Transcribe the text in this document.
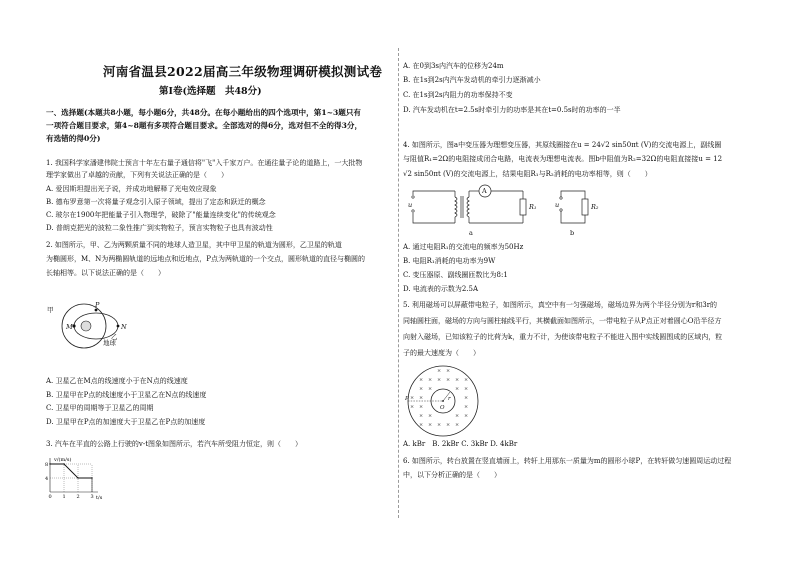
河南省温县2022届高三年级物理调研模拟测试卷
第Ⅰ卷(选择题　共48分)
一、选择题(本题共8小题，每小题6分，共48分。在每小题给出的四个选项中，第1~3题只有
一项符合题目要求，第4~8题有多项符合题目要求。全部选对的得6分，选对但不全的得3分，
有选错的得0分)
1. 我国科学家潘建伟院士预言十年左右量子通信将"飞"入千家万户。在通往量子论的道路上，一大批物
理学家做出了卓越的贡献，下列有关说法正确的是（　　）
A. 爱因斯坦提出光子说，并成功地解释了光电效应现象
B. 德布罗意第一次将量子观念引入原子领域，提出了定态和跃迁的概念
C. 玻尔在1900年把能量子引入物理学，破除了"能量连续变化"的传统观念
D. 普朗克把光的波粒二象性推广到实物粒子，预言实物粒子也具有波动性
2. 如图所示，甲、乙为两颗质量不同的地球人造卫星，其中甲卫星的轨道为圆形，乙卫星的轨道
为椭圆形，M、N为两椭圆轨道的远地点和近地点，P点为两轨道的一个交点，圆形轨道的直径与椭圆的
长轴相等。以下说法正确的是（　　）
甲
M	N
P
地球
乙
A. 卫星乙在M点的线速度小于在N点的线速度
B. 卫星甲在P点的线速度小于卫星乙在N点的线速度
C. 卫星甲的周期等于卫星乙的周期
D. 卫星甲在P点的加速度大于卫星乙在P点的加速度
3. 汽车在平直的公路上行驶的v-t图象如图所示，若汽车所受阻力恒定，则（　　）
8
4
0 1 2 3
v/(m/s)
t/s
A. 在0到3s内汽车的位移为24m
B. 在1s到2s内汽车发动机的牵引力逐渐减小
C. 在1s到2s内阻力的功率保持不变
D. 汽车发动机在t=2.5s时牵引力的功率是其在t=0.5s时的功率的一半
4. 如图所示，图a中变压器为理想变压器，其原线圈接在u = 24√2 sin50πt (V)的交流电源上，副线圈
与阻值R₁=2Ω的电阻接成闭合电路，电流表为理想电流表。图b中阻值为R₂=32Ω的电阻直接接u = 12
√2 sin50πt (V)的交流电源上，结果电阻R₁与R₂消耗的电功率相等，则（　　）
u
A
R₁
a
u	R₂
b
A. 通过电阻R₁的交流电的频率为50Hz
B. 电阻R₁消耗的电功率为9W
C. 变压器原、副线圈匝数比为8:1
D. 电流表的示数为2.5A
5. 利用磁场可以屏蔽带电粒子，如图所示，真空中有一匀强磁场，磁场边界为两个半径分别为r和3r的
同轴圆柱面，磁场的方向与圆柱轴线平行，其横截面如图所示，一带电粒子从P点正对着圆心O沿半径方
向射入磁场，已知该粒子的比荷为k，重力不计，为使该带电粒子不能进入图中实线圆围成的区域内，粒
子的最大速度为（　　）
× ×
× × × × × ×
× ×	× ×
× ×	×
× ×	×
× ×	× ×
× × × × ×
P
O
r
A. kBr　B. 2kBr C. 3kBr D. 4kBr
6. 如图所示，转台放置在竖直墙面上，转轩上用那东一质量为m的圆形小球P，在转轩做匀速圆周运动过程
中，以下分析正确的是（　　）
